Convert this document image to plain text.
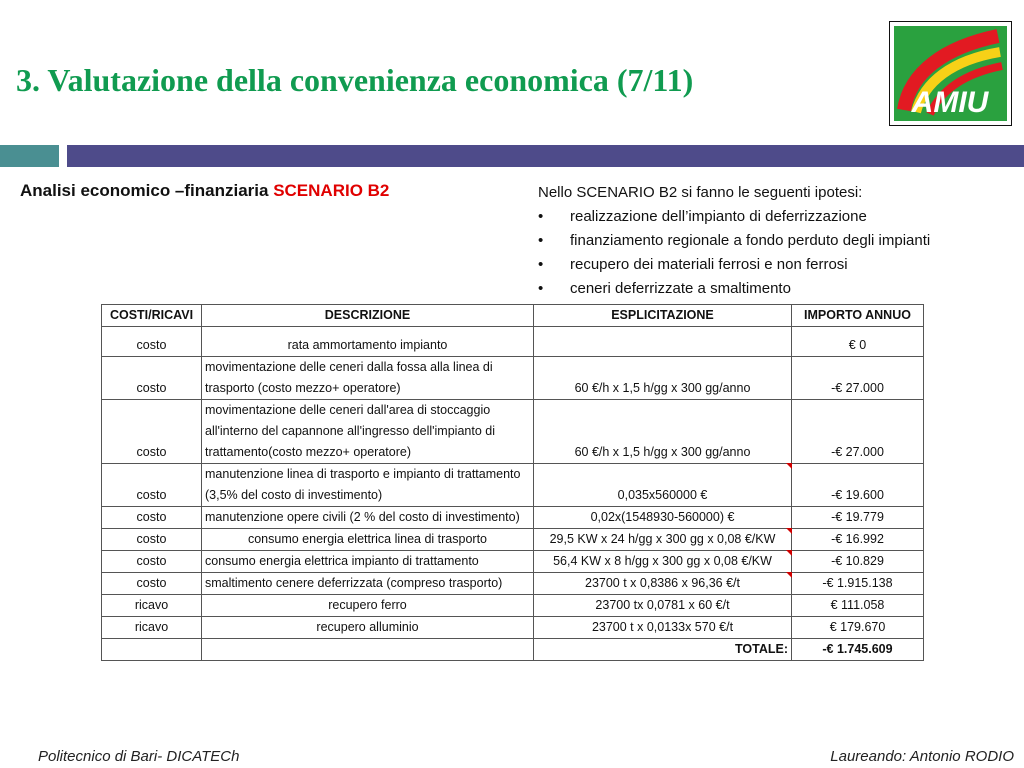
3. Valutazione della convenienza economica (7/11)
AMIU
Analisi economico –finanziaria SCENARIO B2	Nello SCENARIO B2 si fanno le seguenti ipotesi:
• realizzazione dell’impianto di deferrizzazione
• finanziamento regionale a fondo perduto degli impianti
• recupero dei materiali ferrosi e non ferrosi
• ceneri deferrizzate a smaltimento
COSTI/RICAVI	DESCRIZIONE	ESPLICITAZIONE	IMPORTO ANNUO
costo	rata ammortamento impianto		€ 0
costo	movimentazione delle ceneri dalla fossa alla linea di trasporto (costo mezzo+ operatore)	60 €/h x 1,5 h/gg x 300 gg/anno	-€ 27.000
costo	movimentazione delle ceneri dall'area di stoccaggio all'interno del capannone all'ingresso dell'impianto di trattamento(costo mezzo+ operatore)	60 €/h x 1,5 h/gg x 300 gg/anno	-€ 27.000
costo	manutenzione linea di trasporto e impianto di trattamento (3,5% del costo di investimento)	0,035x560000 €	-€ 19.600
costo	manutenzione opere civili (2 % del costo di investimento)	0,02x(1548930-560000) €	-€ 19.779
costo	consumo energia elettrica linea di trasporto	29,5 KW x 24 h/gg x 300 gg x 0,08 €/KW	-€ 16.992
costo	consumo energia elettrica impianto di trattamento	56,4 KW x 8 h/gg x 300 gg x 0,08 €/KW	-€ 10.829
costo	smaltimento cenere deferrizzata (compreso trasporto)	23700 t x 0,8386 x 96,36 €/t	-€ 1.915.138
ricavo	recupero ferro	23700 tx 0,0781 x 60 €/t	€ 111.058
ricavo	recupero alluminio	23700 t x 0,0133x 570 €/t	€ 179.670
		TOTALE:	-€ 1.745.609
Politecnico di Bari- DICATECh	Laureando: Antonio RODIO
